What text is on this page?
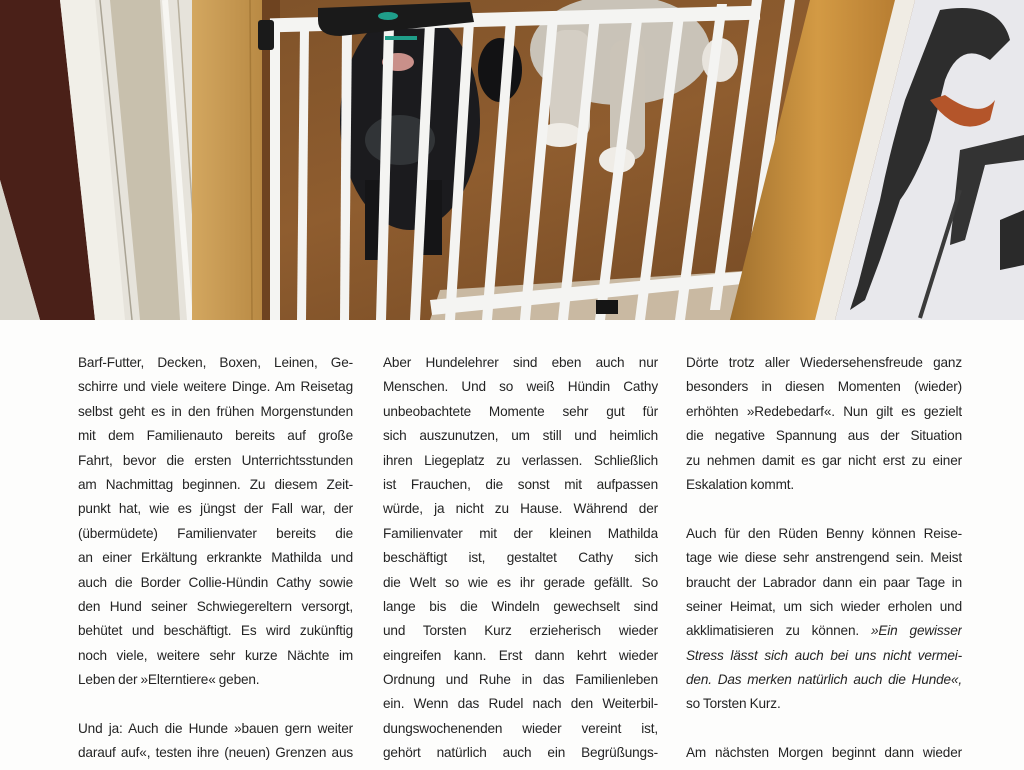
Barf-Futter, Decken, Boxen, Leinen, Ge-
schirre und viele weitere Dinge. Am Reisetag
selbst geht es in den frühen Morgenstunden
mit dem Familienauto bereits auf große
Fahrt, bevor die ersten Unterrichtsstunden
am Nachmittag beginnen. Zu diesem Zeit-
punkt hat, wie es jüngst der Fall war, der
(übermüdete) Familienvater bereits die
an einer Erkältung erkrankte Mathilda und
auch die Border Collie-Hündin Cathy sowie
den Hund seiner Schwiegereltern versorgt,
behütet und beschäftigt. Es wird zukünftig
noch viele, weitere sehr kurze Nächte im
Leben der »Elterntiere« geben.
Und ja: Auch die Hunde »bauen gern weiter
darauf auf«, testen ihre (neuen) Grenzen aus
Aber Hundelehrer sind eben auch nur
Menschen. Und so weiß Hündin Cathy
unbeobachtete Momente sehr gut für
sich auszunutzen, um still und heimlich
ihren Liegeplatz zu verlassen. Schließlich
ist Frauchen, die sonst mit aufpassen
würde, ja nicht zu Hause. Während der
Familienvater mit der kleinen Mathilda
beschäftigt ist, gestaltet Cathy sich
die Welt so wie es ihr gerade gefällt. So
lange bis die Windeln gewechselt sind
und Torsten Kurz erzieherisch wieder
eingreifen kann. Erst dann kehrt wieder
Ordnung und Ruhe in das Familienleben
ein. Wenn das Rudel nach den Weiterbil-
dungswochenenden wieder vereint ist,
gehört natürlich auch ein Begrüßungs-
Dörte trotz aller Wiedersehensfreude ganz
besonders in diesen Momenten (wieder)
erhöhten »Redebedarf«. Nun gilt es gezielt
die negative Spannung aus der Situation
zu nehmen damit es gar nicht erst zu einer
Eskalation kommt.
Auch für den Rüden Benny können Reise-
tage wie diese sehr anstrengend sein. Meist
braucht der Labrador dann ein paar Tage in
seiner Heimat, um sich wieder erholen und
akklimatisieren zu können. »Ein gewisser
Stress lässt sich auch bei uns nicht vermei-
den. Das merken natürlich auch die Hunde«,
so Torsten Kurz.
Am nächsten Morgen beginnt dann wieder
